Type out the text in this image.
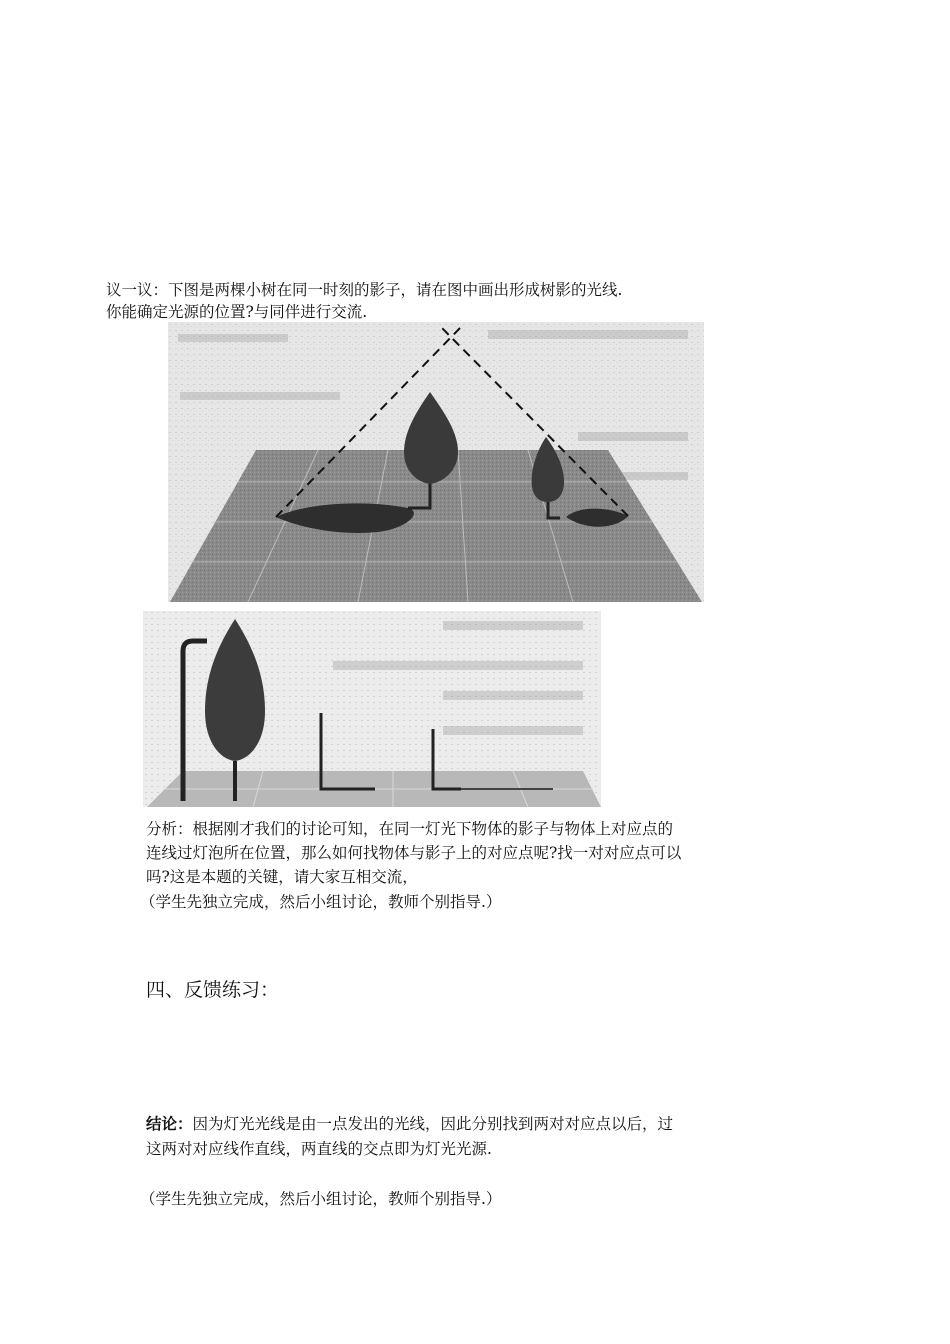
议一议：下图是两棵小树在同一时刻的影子，请在图中画出形成树影的光线.

你能确定光源的位置?与同伴进行交流.

分析：根据刚才我们的讨论可知，在同一灯光下物体的影子与物体上对应点的

连线过灯泡所在位置，那么如何找物体与影子上的对应点呢?找一对对应点可以

吗?这是本题的关键，请大家互相交流，

（学生先独立完成，然后小组讨论，教师个别指导.）

四、反馈练习：

结论：因为灯光光线是由一点发出的光线，因此分别找到两对对应点以后，过

这两对对应线作直线，两直线的交点即为灯光光源.

（学生先独立完成，然后小组讨论，教师个别指导.）
